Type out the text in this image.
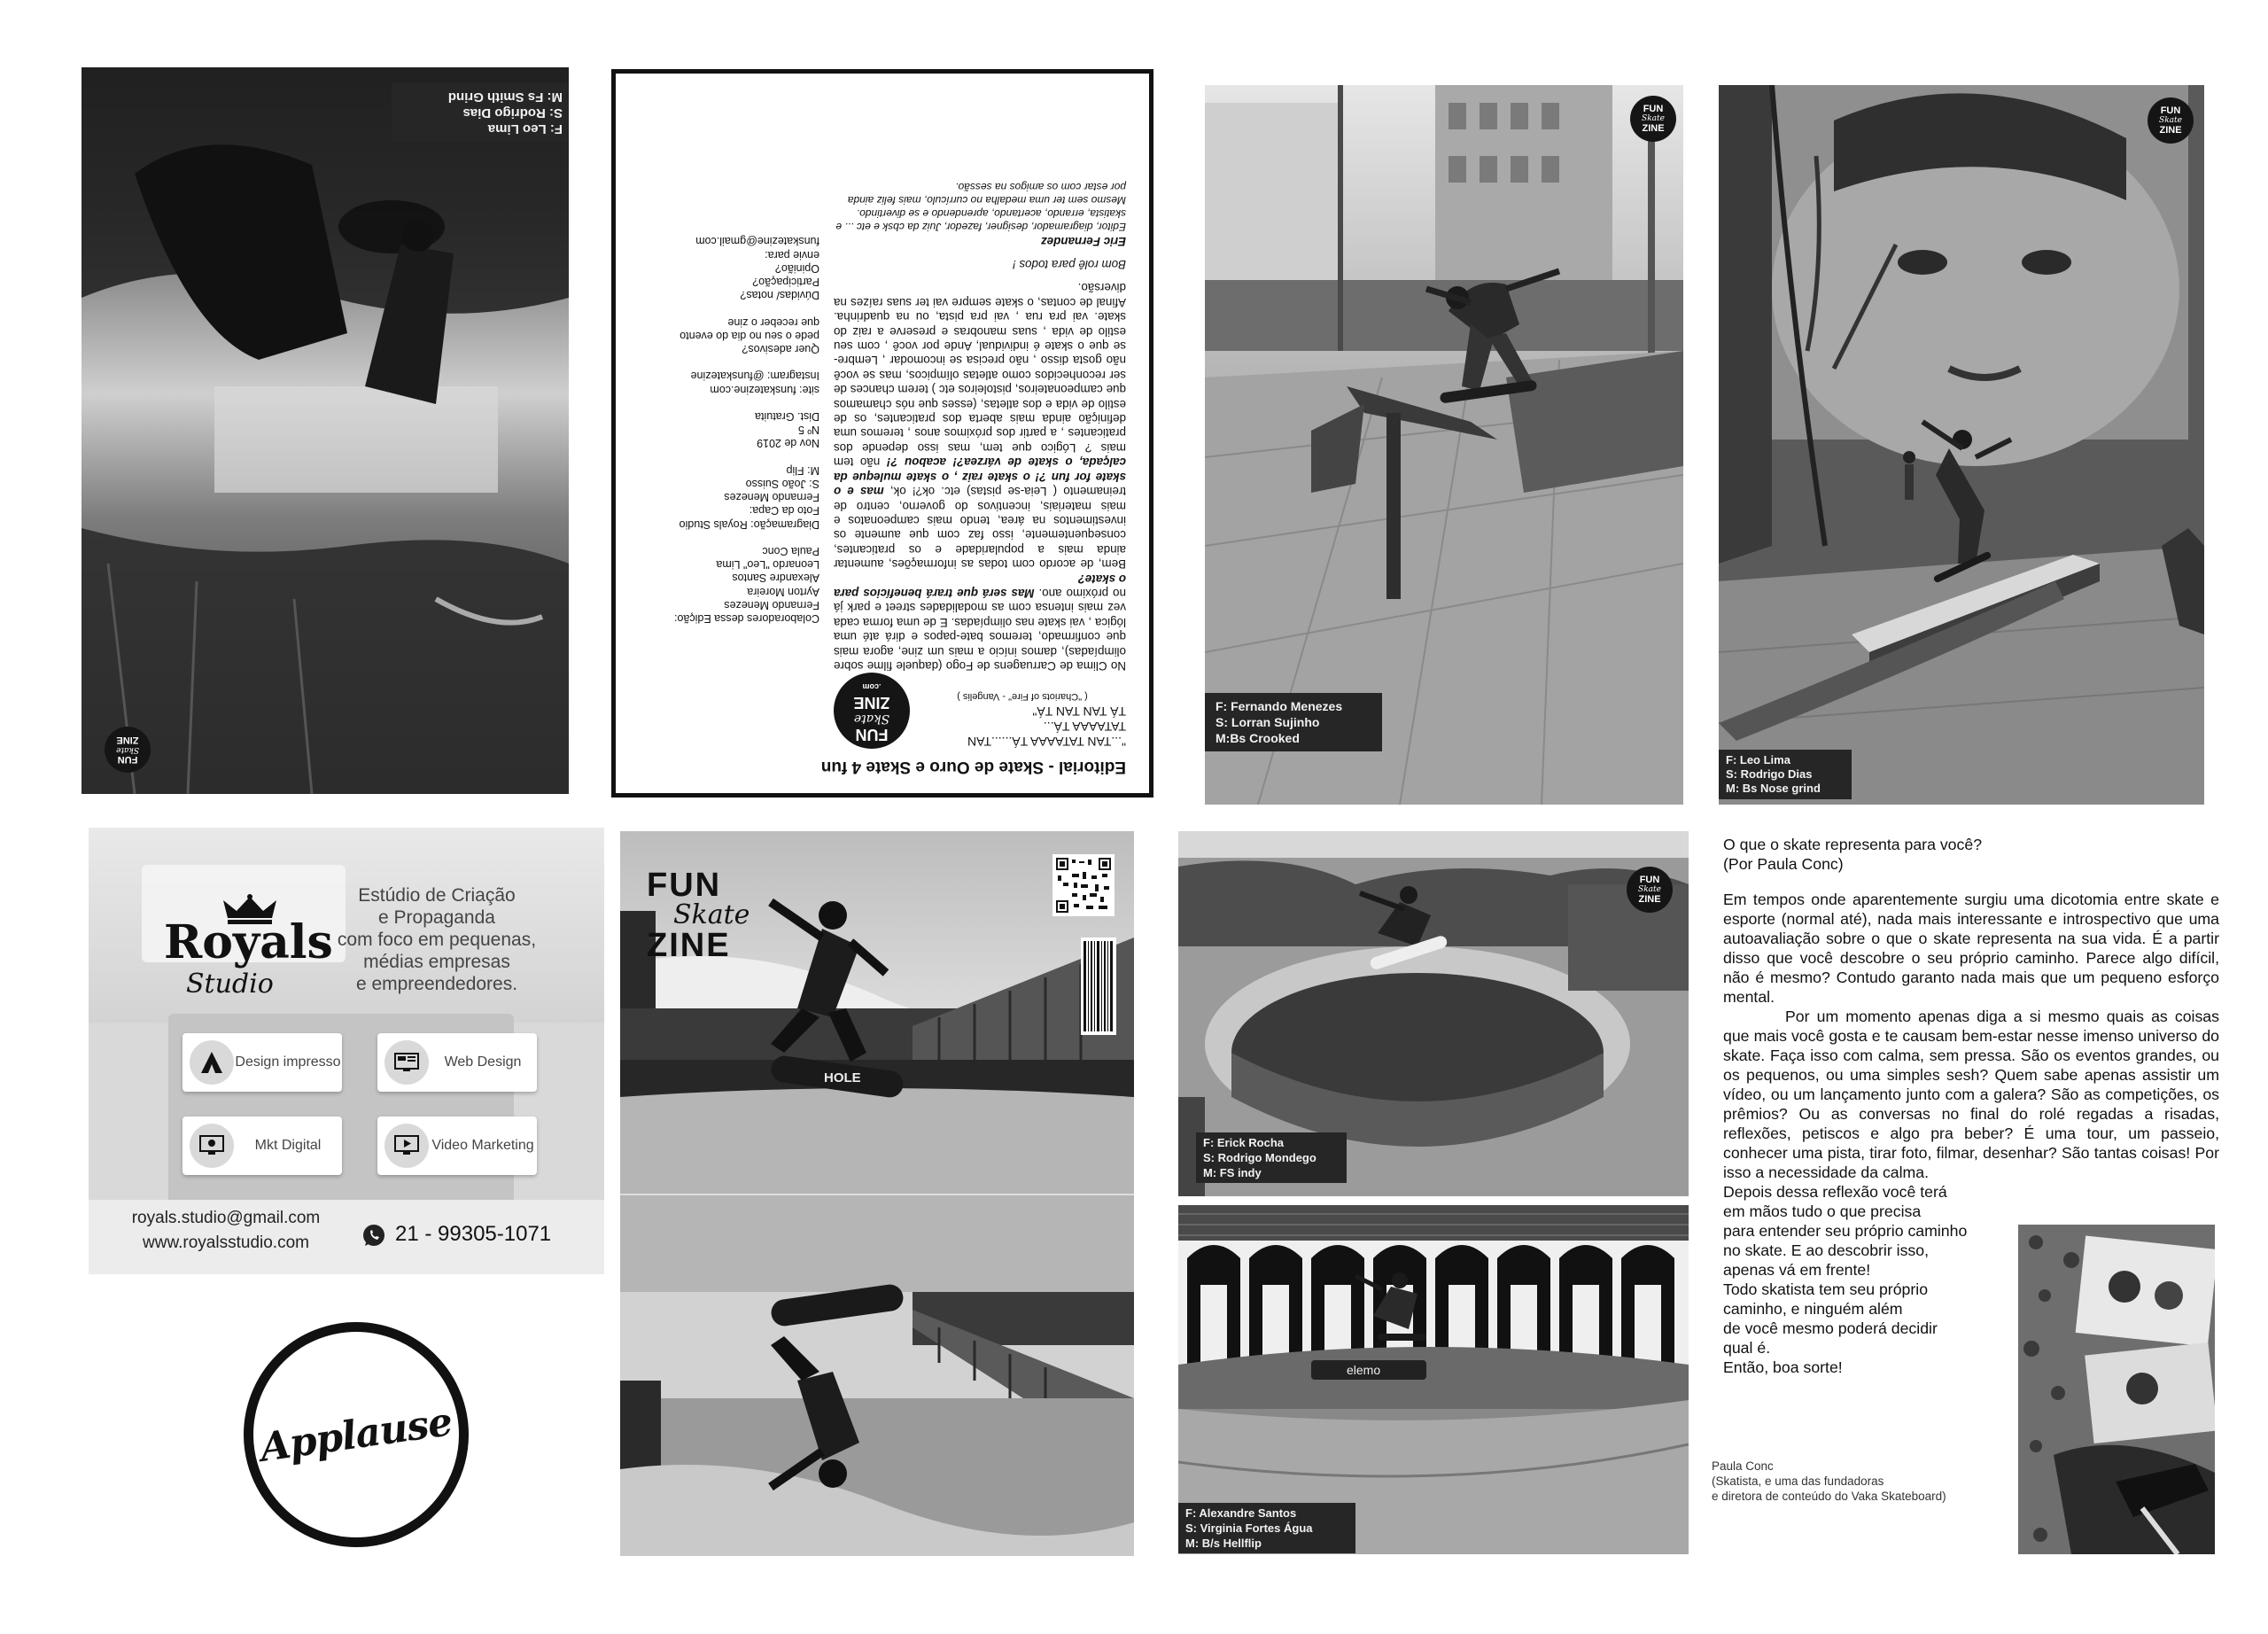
F: Leo Lima
S: Rodrigo Dias
M: Fs Smith Grind
FUN
Skate
ZINE
Editorial - Skate de Ouro e Skate 4 fun
"...TAN TATAAAA TÁ......TAN TATAAAA TÁ...
TÁ TAN TAN TÁ"
( "Chariots of Fire" - Vangelis )
FUN
Skate
ZINE
.com

No Clima de Carruagens de Fogo (daquele filme sobre olimpíadas), damos início a mais um zine, agora mais que confirmado, teremos bate-papos e dirá até uma lógica , vai skate nas olimpíadas. E de uma forma cada vez mais intensa com as modalidades street e park já no próximo ano. Mas será que trará benefícios para o skate?

Bem, de acordo com todas as informações, aumentar ainda mais a popularidade e os praticantes, consequentemente, isso faz com que aumente os investimentos na área, tendo mais campeonatos e mais materiais, incentivos do governo, centro de treinamento ( Leia-se pistas) etc. ok?! ok, mas e o skate for fun ?! o skate raiz , o skate muleque da calçada, o skate de várzea?! acabou ?! não tem mais ? Lógico que tem, mas isso depende dos praticantes , a partir dos próximos anos , teremos uma definição ainda mais aberta dos praticantes, os de estilo de vida e dos atletas, (esses que nós chamamos que campeonateiros, pistoleiros etc ) terem chances de ser reconhecidos como atletas olímpicos, mas se você não gosta disso , não precisa se incomodar , Lembre-se que o skate é individual, Ande por você , com seu estilo de vida , suas manobras e preserve a raiz do skate. vai pra rua , vai pra pista, ou na quadrinha. Afinal de contas, o skate sempre vai ter suas raízes na diversão.

Bom rolê para todos !

Eric Fernandez

Editor, diagramador, designer, fazedor, Juiz da cbsk e etc ... e skatista, errando, acertando, aprendendo e se divertindo. Mesmo sem ter uma medalha no currículo, mais feliz ainda por estar com os amigos na sessão.

Colaboradores dessa Edição:
Fernando Menezes
Ayrton Moreira
Alexandre Santos
Leonardo "Leo" Lima
Paula Conc

Diagramação: Royals Studio
Foto da Capa:
Fernando Menezes
S: João Suisso
M: Flip

Nov de 2019
Nº 5
Dist. Gratuita

site: funskatezine.com
Instagram: @funskatezine

Quer adesivos?
pede o seu no dia do evento
que receber o zine

Dúvidas/ notas?
Participação?
Opinião?
envie para:
funskatezine@gmail.com
FUN
Skate
ZINE
F: Fernando Menezes
S: Lorran Sujinho
M:Bs Crooked
FUN
Skate
ZINE
F: Leo Lima
S: Rodrigo Dias
M: Bs Nose grind
Royals
Studio
Estúdio de Criação
e Propaganda
com foco em pequenas,
médias empresas
e empreendedores.
Design impresso	Web Design
Mkt Digital	Video Marketing
royals.studio@gmail.com
www.royalsstudio.com	21 - 99305-1071
Applause
HOLE
FUN
Skate
ZINE
FUN
Skate
ZINE
F: Erick Rocha
S: Rodrigo Mondego
M: FS indy
elemo
F: Alexandre Santos
S: Virginia Fortes Água
M: B/s Hellflip
O que o skate representa para você?
(Por Paula Conc)

Em tempos onde aparentemente surgiu uma dicotomia entre skate e esporte (normal até), nada mais interessante e introspectivo que uma autoavaliação sobre o que o skate representa na sua vida. É a partir disso que você descobre o seu próprio caminho. Parece algo difícil, não é mesmo? Contudo garanto nada mais que um pequeno esforço mental.

Por um momento apenas diga a si mesmo quais as coisas que mais você gosta e te causam bem-estar nesse imenso universo do skate. Faça isso com calma, sem pressa. São os eventos grandes, ou os pequenos, ou uma simples sesh? Quem sabe apenas assistir um vídeo, ou um lançamento junto com a galera? São as competições, os prêmios? Ou as conversas no final do rolé regadas a risadas, reflexões, petiscos e algo pra beber? É uma tour, um passeio, conhecer uma pista, tirar foto, filmar, desenhar? São tantas coisas! Por isso a necessidade da calma.

Depois dessa reflexão você terá
em mãos tudo o que precisa
para entender seu próprio caminho
no skate. E ao descobrir isso,
apenas vá em frente!
Todo skatista tem seu próprio
caminho, e ninguém além
de você mesmo poderá decidir
qual é.
Então, boa sorte!
Paula Conc
(Skatista, e uma das fundadoras
e diretora de conteúdo do Vaka Skateboard)
